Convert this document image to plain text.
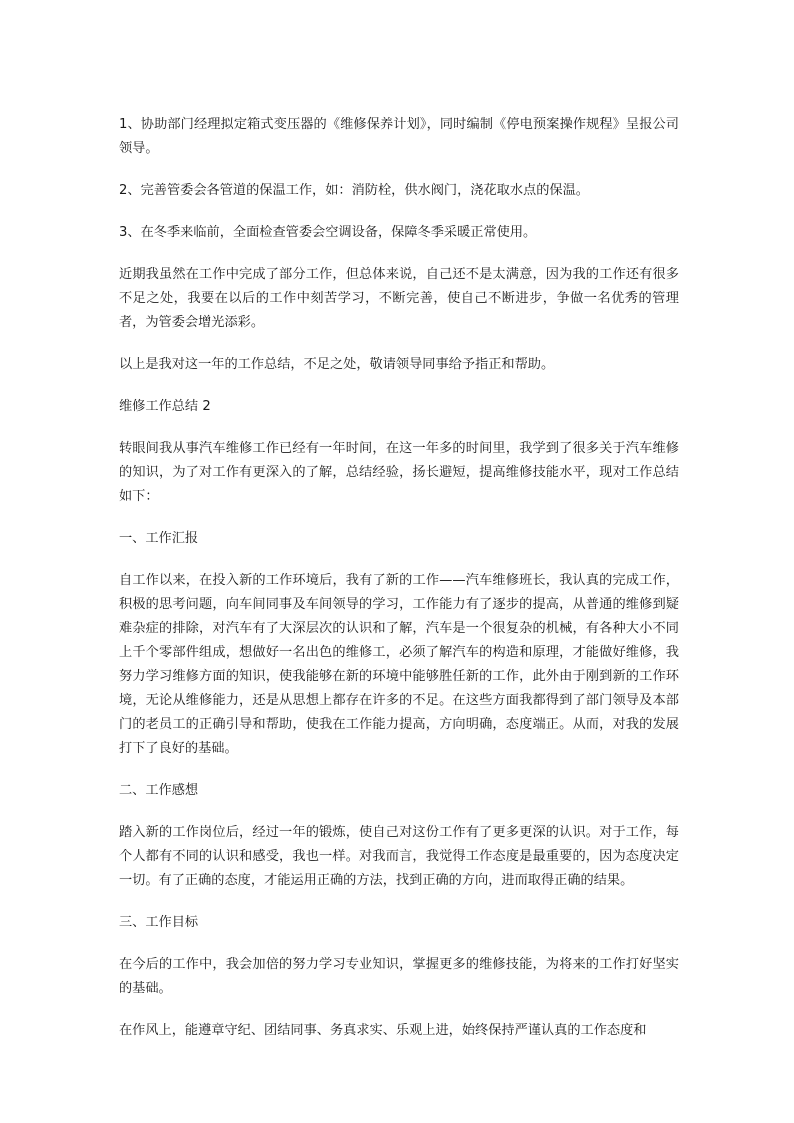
1、协助部门经理拟定箱式变压器的《维修保养计划》，同时编制《停电预案操作规程》呈报公司领导。

2、完善管委会各管道的保温工作，如：消防栓，供水阀门，浇花取水点的保温。

3、在冬季来临前，全面检查管委会空调设备，保障冬季采暖正常使用。

近期我虽然在工作中完成了部分工作，但总体来说，自己还不是太满意，因为我的工作还有很多不足之处，我要在以后的工作中刻苦学习，不断完善，使自己不断进步，争做一名优秀的管理者，为管委会增光添彩。

以上是我对这一年的工作总结，不足之处，敬请领导同事给予指正和帮助。

维修工作总结 2

转眼间我从事汽车维修工作已经有一年时间，在这一年多的时间里，我学到了很多关于汽车维修的知识，为了对工作有更深入的了解，总结经验，扬长避短，提高维修技能水平，现对工作总结如下：

一、工作汇报

自工作以来，在投入新的工作环境后，我有了新的工作——汽车维修班长，我认真的完成工作，积极的思考问题，向车间同事及车间领导的学习，工作能力有了逐步的提高，从普通的维修到疑难杂症的排除，对汽车有了大深层次的认识和了解，汽车是一个很复杂的机械，有各种大小不同上千个零部件组成，想做好一名出色的维修工，必须了解汽车的构造和原理，才能做好维修，我努力学习维修方面的知识，使我能够在新的环境中能够胜任新的工作，此外由于刚到新的工作环境，无论从维修能力，还是从思想上都存在许多的不足。在这些方面我都得到了部门领导及本部门的老员工的正确引导和帮助，使我在工作能力提高，方向明确，态度端正。从而，对我的发展打下了良好的基础。

二、工作感想

踏入新的工作岗位后，经过一年的锻炼，使自己对这份工作有了更多更深的认识。对于工作，每个人都有不同的认识和感受，我也一样。对我而言，我觉得工作态度是最重要的，因为态度决定一切。有了正确的态度，才能运用正确的方法，找到正确的方向，进而取得正确的结果。

三、工作目标

在今后的工作中，我会加倍的努力学习专业知识，掌握更多的维修技能，为将来的工作打好坚实的基础。

在作风上，能遵章守纪、团结同事、务真求实、乐观上进，始终保持严谨认真的工作态度和
